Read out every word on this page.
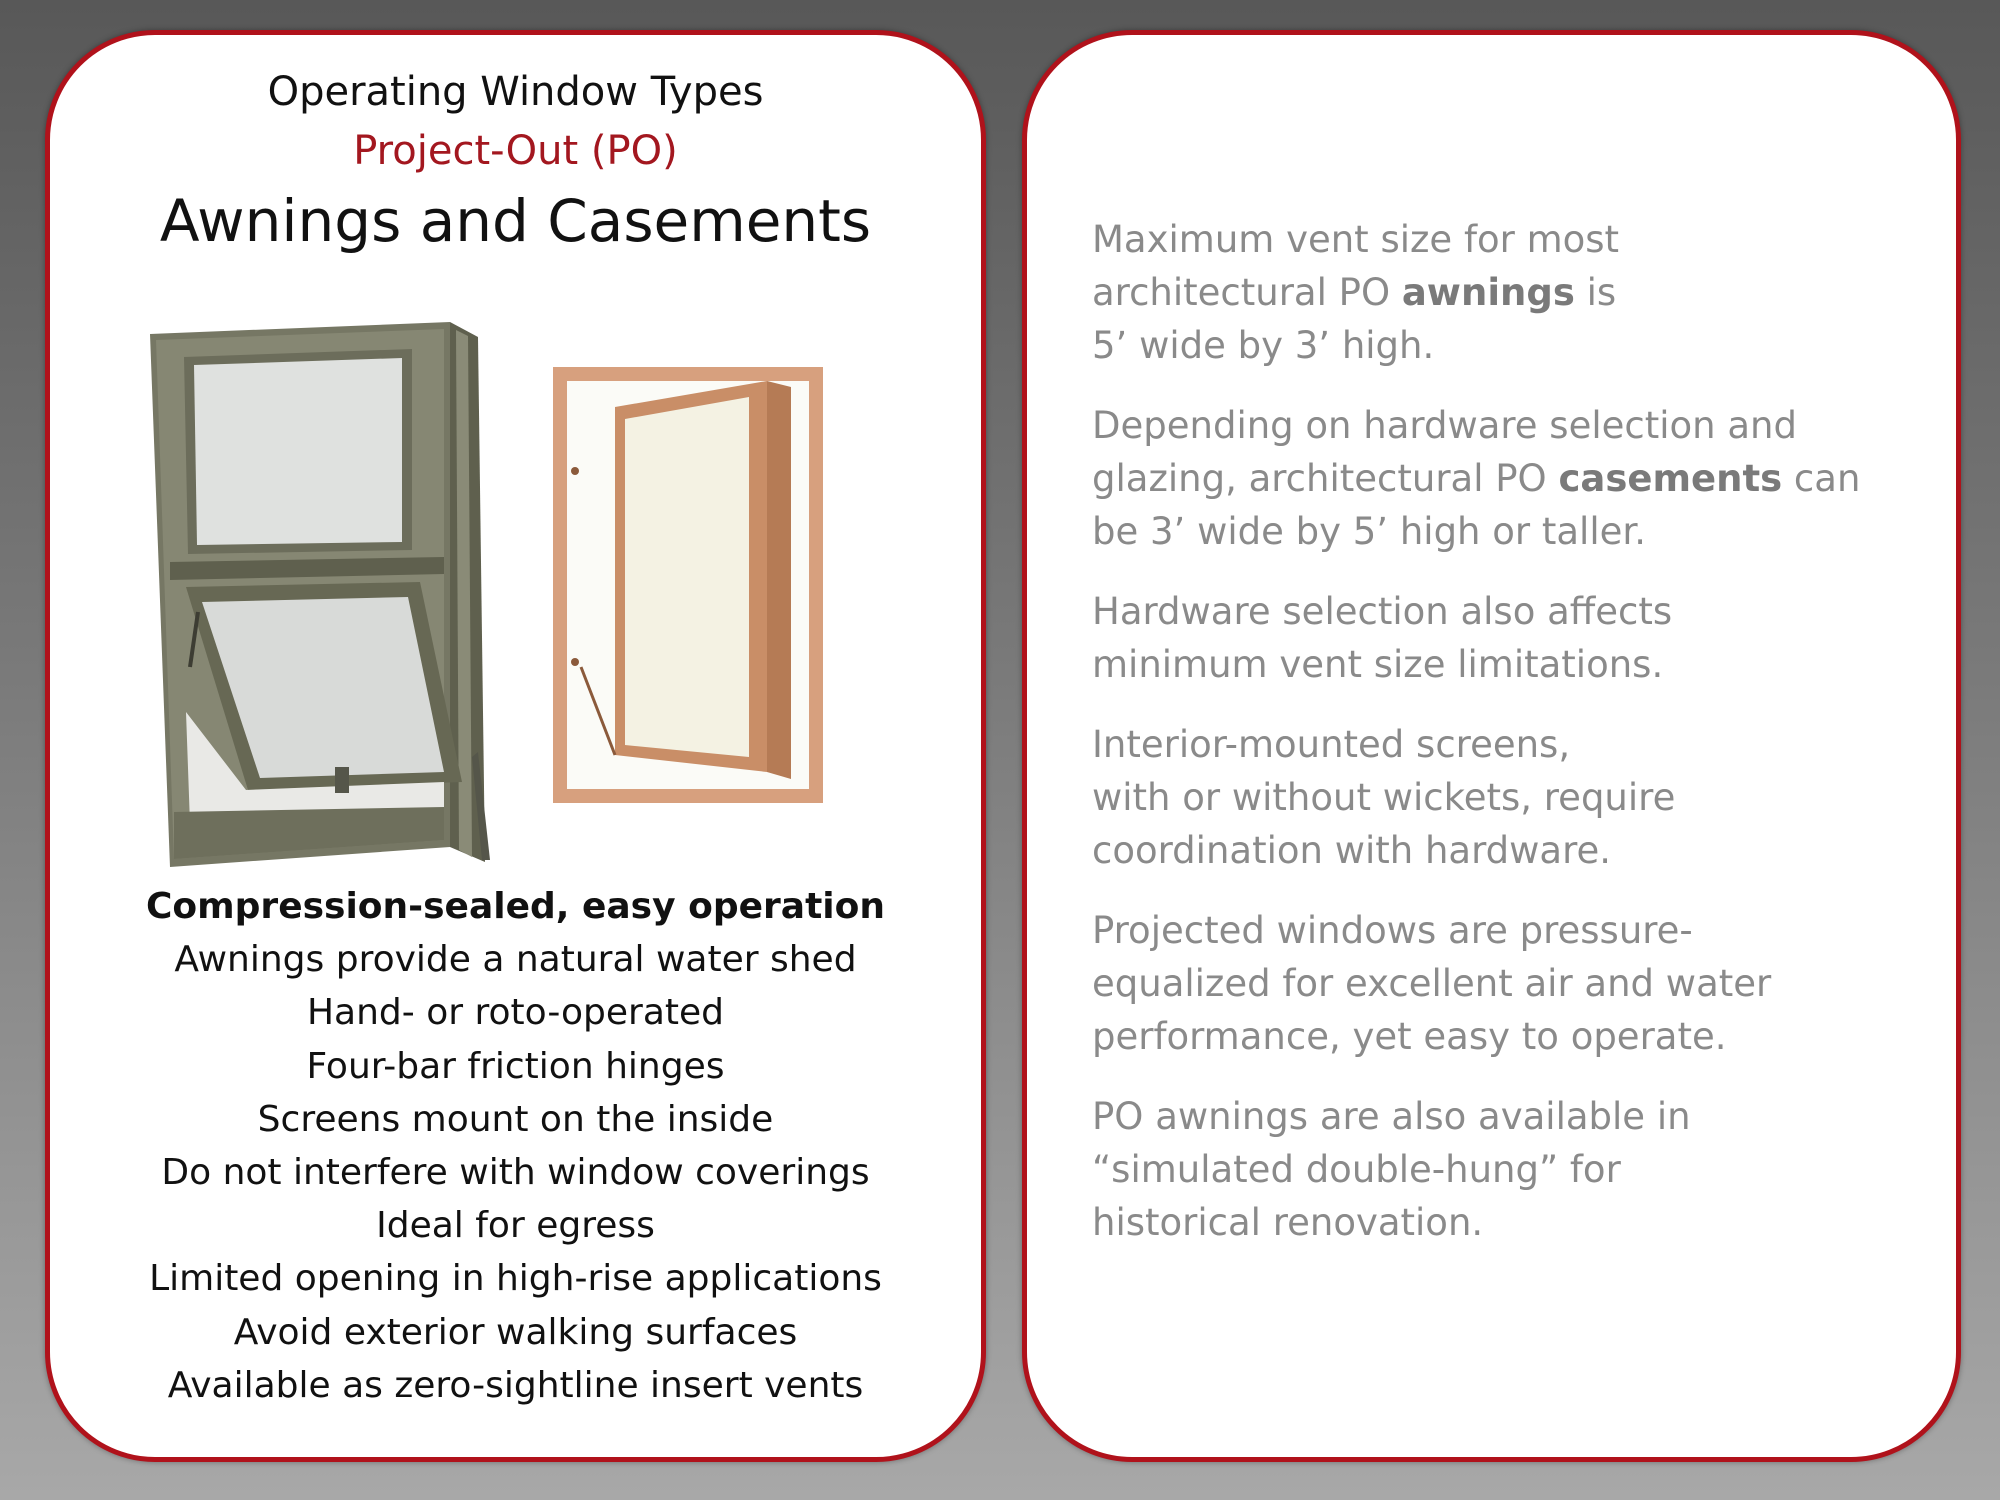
Operating Window Types
Project-Out (PO)
Awnings and Casements
Compression-sealed, easy operation
Awnings provide a natural water shed
Hand- or roto-operated
Four-bar friction hinges
Screens mount on the inside
Do not interfere with window coverings
Ideal for egress
Limited opening in high-rise applications
Avoid exterior walking surfaces
Available as zero-sightline insert vents

Maximum vent size for most
architectural PO awnings is
5’ wide by 3’ high.

Depending on hardware selection and
glazing, architectural PO casements can
be 3’ wide by 5’ high or taller.

Hardware selection also affects
minimum vent size limitations.

Interior-mounted screens,
with or without wickets, require
coordination with hardware.

Projected windows are pressure-
equalized for excellent air and water
performance, yet easy to operate.

PO awnings are also available in
“simulated double-hung” for
historical renovation.
